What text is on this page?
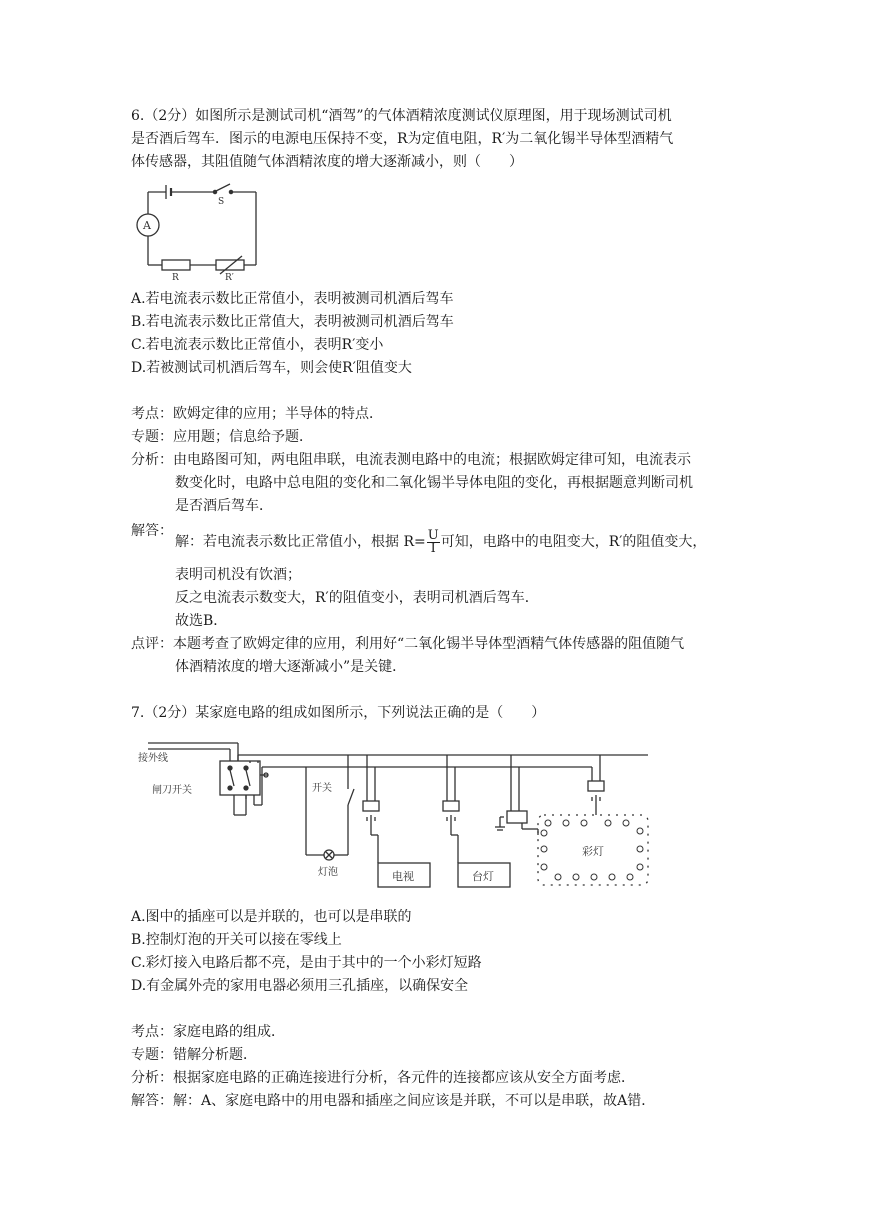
6.（2分）如图所示是测试司机“酒驾”的气体酒精浓度测试仪原理图，用于现场测试司机
是否酒后驾车．图示的电源电压保持不变，R为定值电阻，R′为二氧化锡半导体型酒精气
体传感器，其阻值随气体酒精浓度的增大逐渐减小，则（　　）
A
S
R	R′
A.若电流表示数比正常值小，表明被测司机酒后驾车
B.若电流表示数比正常值大，表明被测司机酒后驾车
C.若电流表示数比正常值小，表明R′变小
D.若被测试司机酒后驾车，则会使R′阻值变大
考点：欧姆定律的应用；半导体的特点．
专题：应用题；信息给予题．
分析：由电路图可知，两电阻串联，电流表测电路中的电流；根据欧姆定律可知，电流表示
数变化时，电路中总电阻的变化和二氧化锡半导体电阻的变化，再根据题意判断司机
是否酒后驾车．
解答：
解：若电流表示数比正常值小，根据 $R= \frac{U}{I}$ 可知，电路中的电阻变大，R′的阻值变大，
表明司机没有饮酒；
反之电流表示数变大，R′的阻值变小，表明司机酒后驾车．
故选B．
点评：本题考查了欧姆定律的应用，利用好“二氧化锡半导体型酒精气体传感器的阻值随气
体酒精浓度的增大逐渐减小”是关键．
7.（2分）某家庭电路的组成如图所示，下列说法正确的是（　　）
接外线
闸刀开关	开关
灯泡	电视	台灯
彩灯
A.图中的插座可以是并联的，也可以是串联的
B.控制灯泡的开关可以接在零线上
C.彩灯接入电路后都不亮，是由于其中的一个小彩灯短路
D.有金属外壳的家用电器必须用三孔插座，以确保安全
考点：家庭电路的组成．
专题：错解分析题．
分析：根据家庭电路的正确连接进行分析，各元件的连接都应该从安全方面考虑．
解答：解：A、家庭电路中的用电器和插座之间应该是并联，不可以是串联，故A错．
